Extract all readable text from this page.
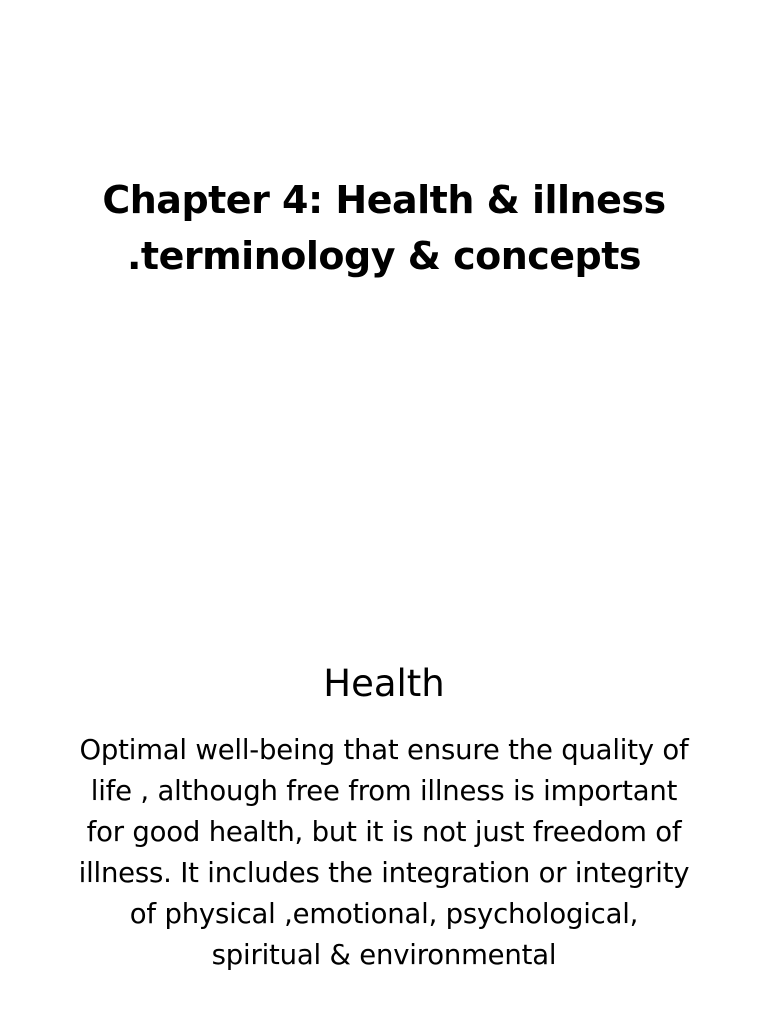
Chapter 4: Health & illness
.terminology & concepts
Health
Optimal well-being that ensure the quality of
life , although free from illness is important
for good health, but it is not just freedom of
illness. It includes the integration or integrity
of physical ,emotional, psychological,
spiritual & environmental
